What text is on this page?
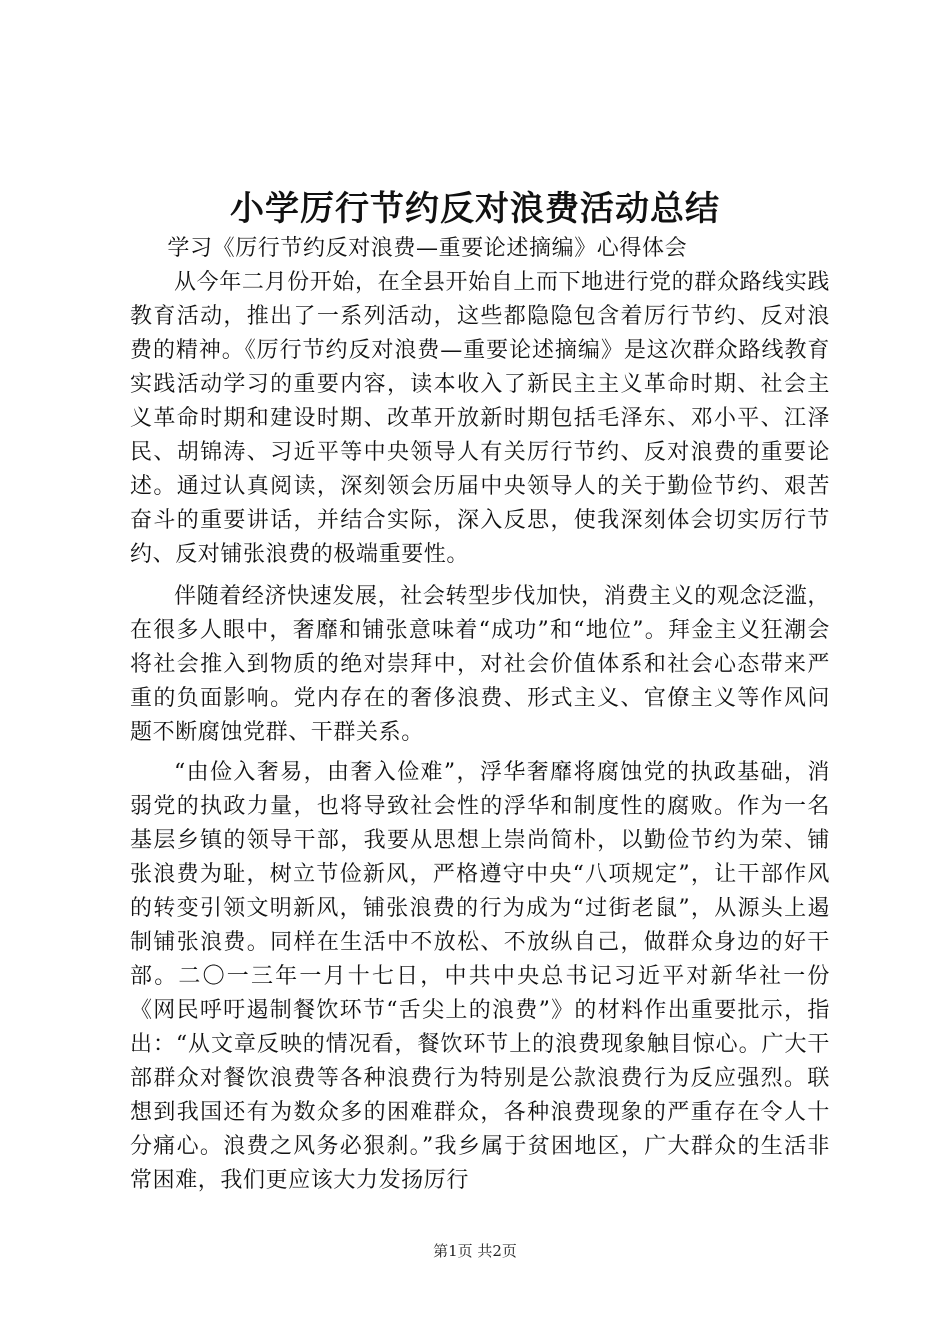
小学厉行节约反对浪费活动总结

学习《厉行节约反对浪费—重要论述摘编》心得体会

从今年二月份开始，在全县开始自上而下地进行党的群众路线实践教育活动，推出了一系列活动，这些都隐隐包含着厉行节约、反对浪费的精神。《厉行节约反对浪费—重要论述摘编》是这次群众路线教育实践活动学习的重要内容，读本收入了新民主主义革命时期、社会主义革命时期和建设时期、改革开放新时期包括毛泽东、邓小平、江泽民、胡锦涛、习近平等中央领导人有关厉行节约、反对浪费的重要论述。通过认真阅读，深刻领会历届中央领导人的关于勤俭节约、艰苦奋斗的重要讲话，并结合实际，深入反思，使我深刻体会切实厉行节约、反对铺张浪费的极端重要性。

伴随着经济快速发展，社会转型步伐加快，消费主义的观念泛滥，在很多人眼中，奢靡和铺张意味着“成功”和“地位”。拜金主义狂潮会将社会推入到物质的绝对崇拜中，对社会价值体系和社会心态带来严重的负面影响。党内存在的奢侈浪费、形式主义、官僚主义等作风问题不断腐蚀党群、干群关系。

“由俭入奢易，由奢入俭难”，浮华奢靡将腐蚀党的执政基础，消弱党的执政力量，也将导致社会性的浮华和制度性的腐败。作为一名基层乡镇的领导干部，我要从思想上崇尚简朴，以勤俭节约为荣、铺张浪费为耻，树立节俭新风，严格遵守中央“八项规定”，让干部作风的转变引领文明新风，铺张浪费的行为成为“过街老鼠”，从源头上遏制铺张浪费。同样在生活中不放松、不放纵自己，做群众身边的好干部。二〇一三年一月十七日，中共中央总书记习近平对新华社一份《网民呼吁遏制餐饮环节“舌尖上的浪费”》的材料作出重要批示，指出：“从文章反映的情况看，餐饮环节上的浪费现象触目惊心。广大干部群众对餐饮浪费等各种浪费行为特别是公款浪费行为反应强烈。联想到我国还有为数众多的困难群众，各种浪费现象的严重存在令人十分痛心。浪费之风务必狠刹。”我乡属于贫困地区，广大群众的生活非常困难，我们更应该大力发扬厉行

第1页 共2页
